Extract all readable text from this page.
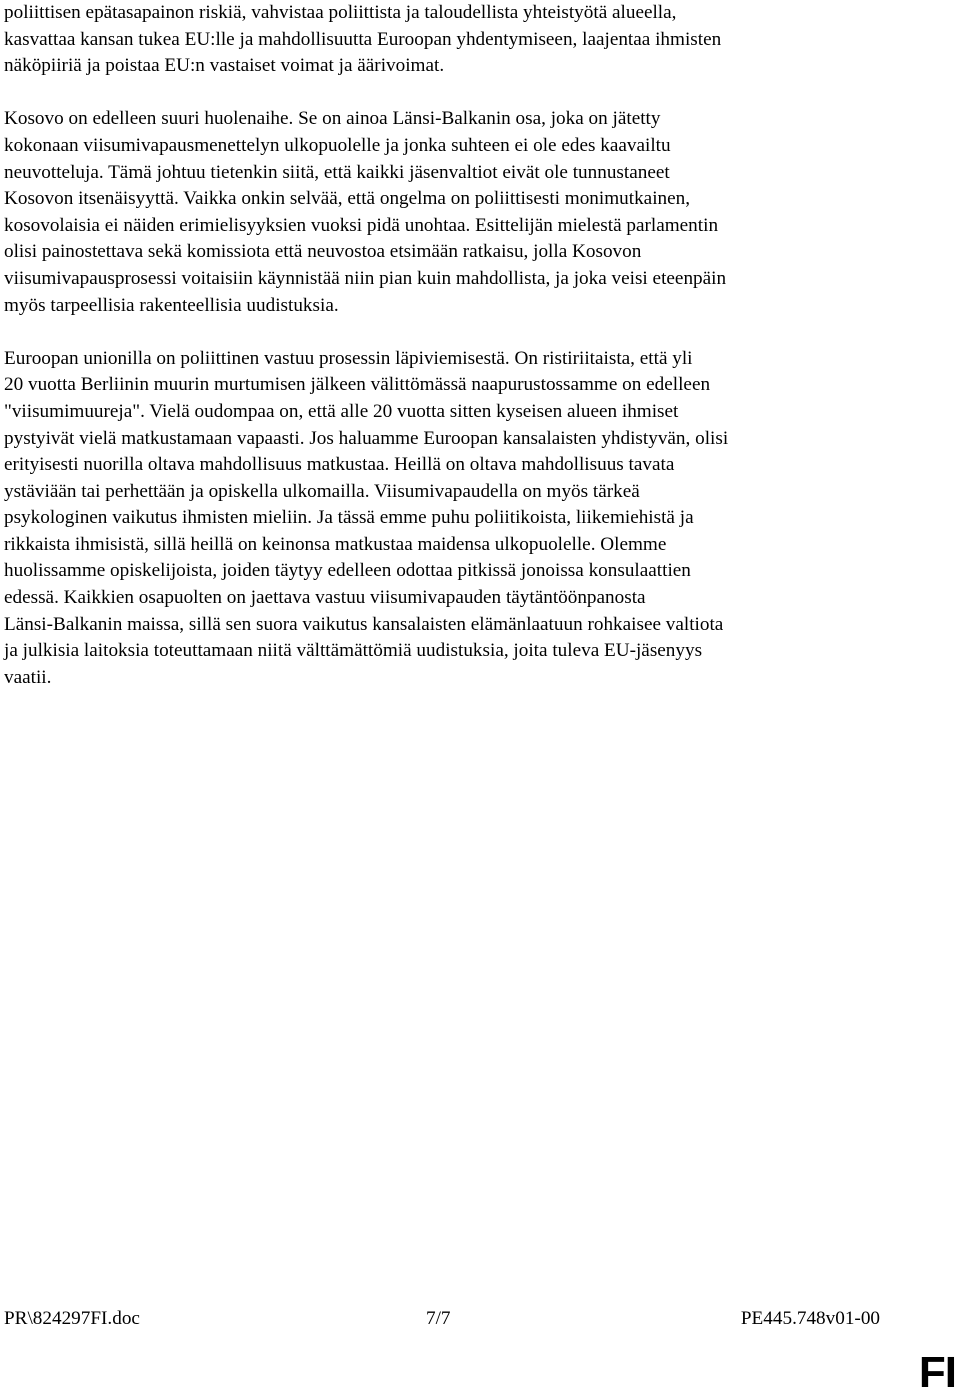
poliittisen epätasapainon riskiä, vahvistaa poliittista ja taloudellista yhteistyötä alueella,
kasvattaa kansan tukea EU:lle ja mahdollisuutta Euroopan yhdentymiseen, laajentaa ihmisten
näköpiiriä ja poistaa EU:n vastaiset voimat ja äärivoimat.

Kosovo on edelleen suuri huolenaihe. Se on ainoa Länsi-Balkanin osa, joka on jätetty
kokonaan viisumivapausmenettelyn ulkopuolelle ja jonka suhteen ei ole edes kaavailtu
neuvotteluja. Tämä johtuu tietenkin siitä, että kaikki jäsenvaltiot eivät ole tunnustaneet
Kosovon itsenäisyyttä. Vaikka onkin selvää, että ongelma on poliittisesti monimutkainen,
kosovolaisia ei näiden erimielisyyksien vuoksi pidä unohtaa. Esittelijän mielestä parlamentin
olisi painostettava sekä komissiota että neuvostoa etsimään ratkaisu, jolla Kosovon
viisumivapausprosessi voitaisiin käynnistää niin pian kuin mahdollista, ja joka veisi eteenpäin
myös tarpeellisia rakenteellisia uudistuksia.

Euroopan unionilla on poliittinen vastuu prosessin läpiviemisestä. On ristiriitaista, että yli
20 vuotta Berliinin muurin murtumisen jälkeen välittömässä naapurustossamme on edelleen
"viisumimuureja". Vielä oudompaa on, että alle 20 vuotta sitten kyseisen alueen ihmiset
pystyivät vielä matkustamaan vapaasti. Jos haluamme Euroopan kansalaisten yhdistyvän, olisi
erityisesti nuorilla oltava mahdollisuus matkustaa. Heillä on oltava mahdollisuus tavata
ystäviään tai perhettään ja opiskella ulkomailla. Viisumivapaudella on myös tärkeä
psykologinen vaikutus ihmisten mieliin. Ja tässä emme puhu poliitikoista, liikemiehistä ja
rikkaista ihmisistä, sillä heillä on keinonsa matkustaa maidensa ulkopuolelle. Olemme
huolissamme opiskelijoista, joiden täytyy edelleen odottaa pitkissä jonoissa konsulaattien
edessä. Kaikkien osapuolten on jaettava vastuu viisumivapauden täytäntöönpanosta
Länsi-Balkanin maissa, sillä sen suora vaikutus kansalaisten elämänlaatuun rohkaisee valtiota
ja julkisia laitoksia toteuttamaan niitä välttämättömiä uudistuksia, joita tuleva EU-jäsenyys
vaatii.

PR\824297FI.doc	7/7	PE445.748v01-00
FI
